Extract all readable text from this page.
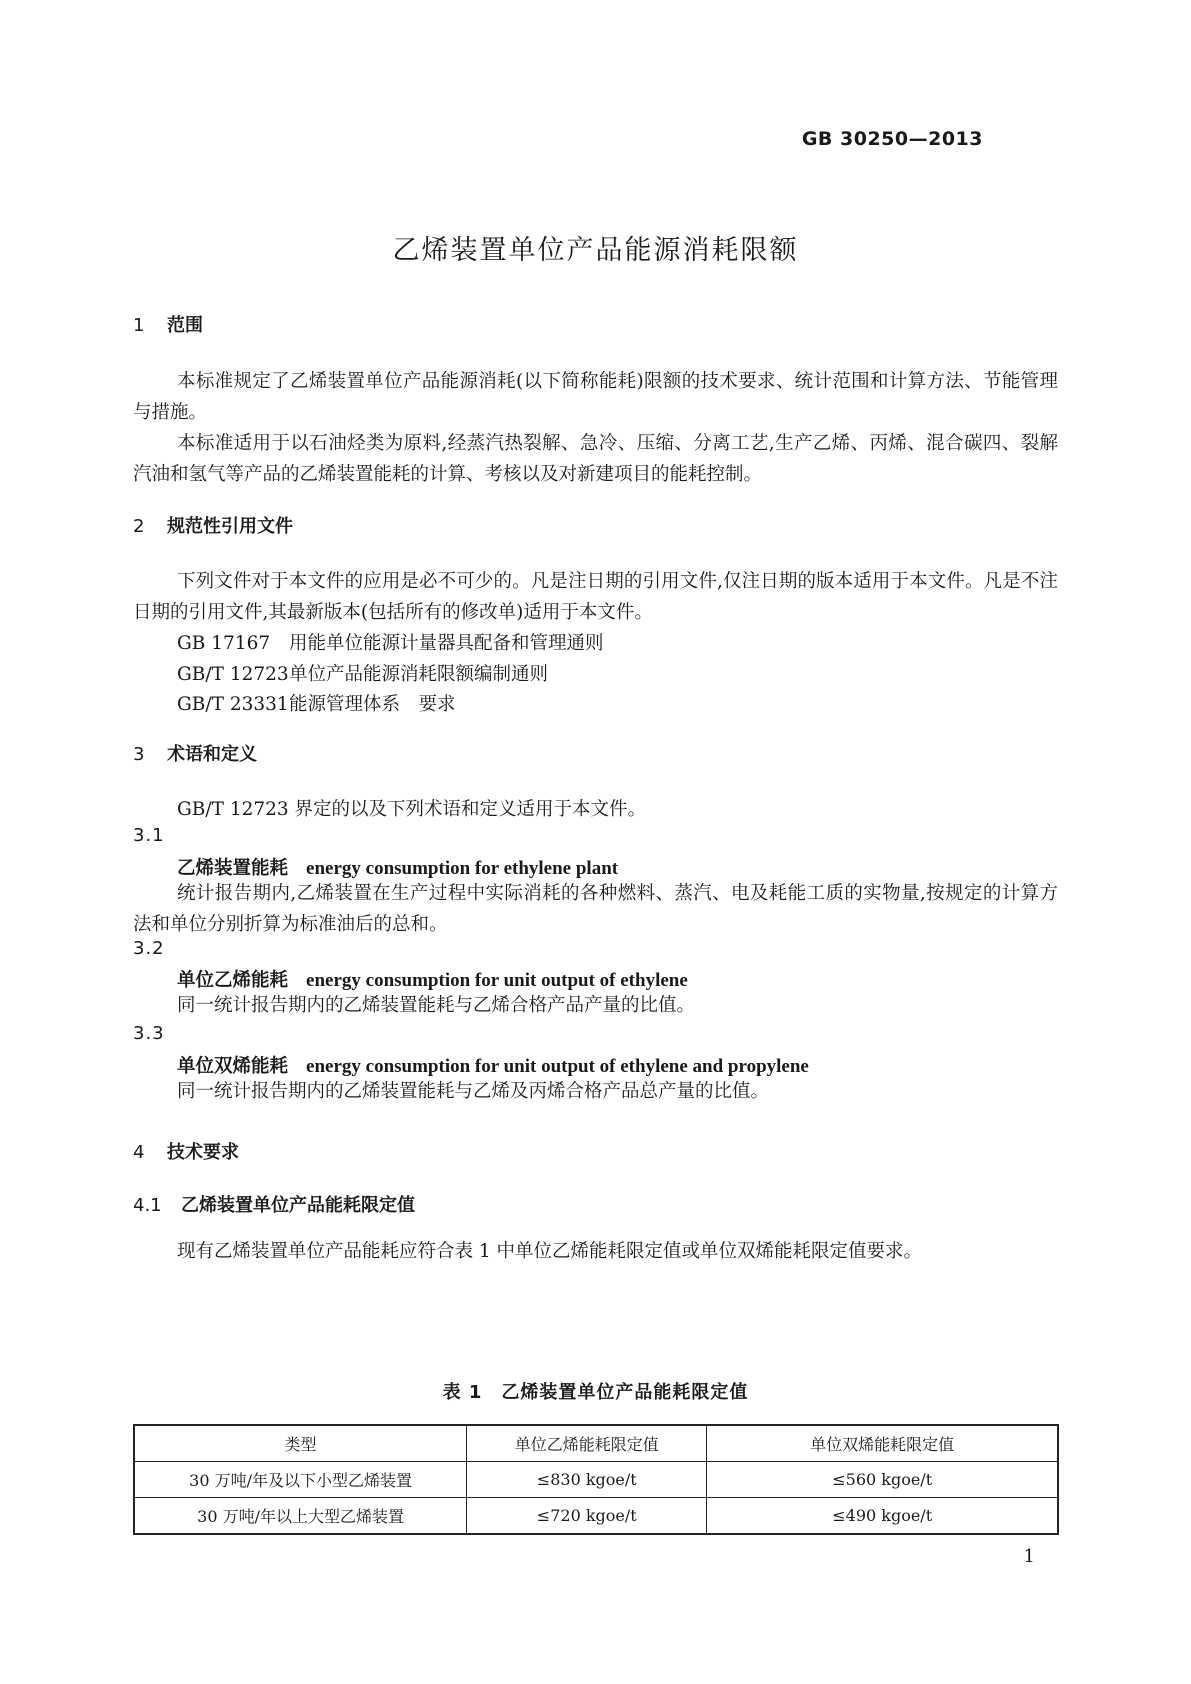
GB 30250—2013
乙烯装置单位产品能源消耗限额
1 范围
本标准规定了乙烯装置单位产品能源消耗(以下简称能耗)限额的技术要求、统计范围和计算方法、节能管理与措施。
本标准适用于以石油烃类为原料,经蒸汽热裂解、急冷、压缩、分离工艺,生产乙烯、丙烯、混合碳四、裂解汽油和氢气等产品的乙烯装置能耗的计算、考核以及对新建项目的能耗控制。
2 规范性引用文件
下列文件对于本文件的应用是必不可少的。凡是注日期的引用文件,仅注日期的版本适用于本文件。凡是不注日期的引用文件,其最新版本(包括所有的修改单)适用于本文件。
GB 17167 用能单位能源计量器具配备和管理通则
GB/T 12723单位产品能源消耗限额编制通则
GB/T 23331能源管理体系　要求
3 术语和定义
GB/T 12723 界定的以及下列术语和定义适用于本文件。
3.1
乙烯装置能耗 energy consumption for ethylene plant
统计报告期内,乙烯装置在生产过程中实际消耗的各种燃料、蒸汽、电及耗能工质的实物量,按规定的计算方法和单位分别折算为标准油后的总和。
3.2
单位乙烯能耗 energy consumption for unit output of ethylene
同一统计报告期内的乙烯装置能耗与乙烯合格产品产量的比值。
3.3
单位双烯能耗 energy consumption for unit output of ethylene and propylene
同一统计报告期内的乙烯装置能耗与乙烯及丙烯合格产品总产量的比值。
4 技术要求
4.1 乙烯装置单位产品能耗限定值
现有乙烯装置单位产品能耗应符合表 1 中单位乙烯能耗限定值或单位双烯能耗限定值要求。
表 1　乙烯装置单位产品能耗限定值
类型	单位乙烯能耗限定值	单位双烯能耗限定值
30 万吨/年及以下小型乙烯装置	≤830 kgoe/t	≤560 kgoe/t
30 万吨/年以上大型乙烯装置	≤720 kgoe/t	≤490 kgoe/t
1
